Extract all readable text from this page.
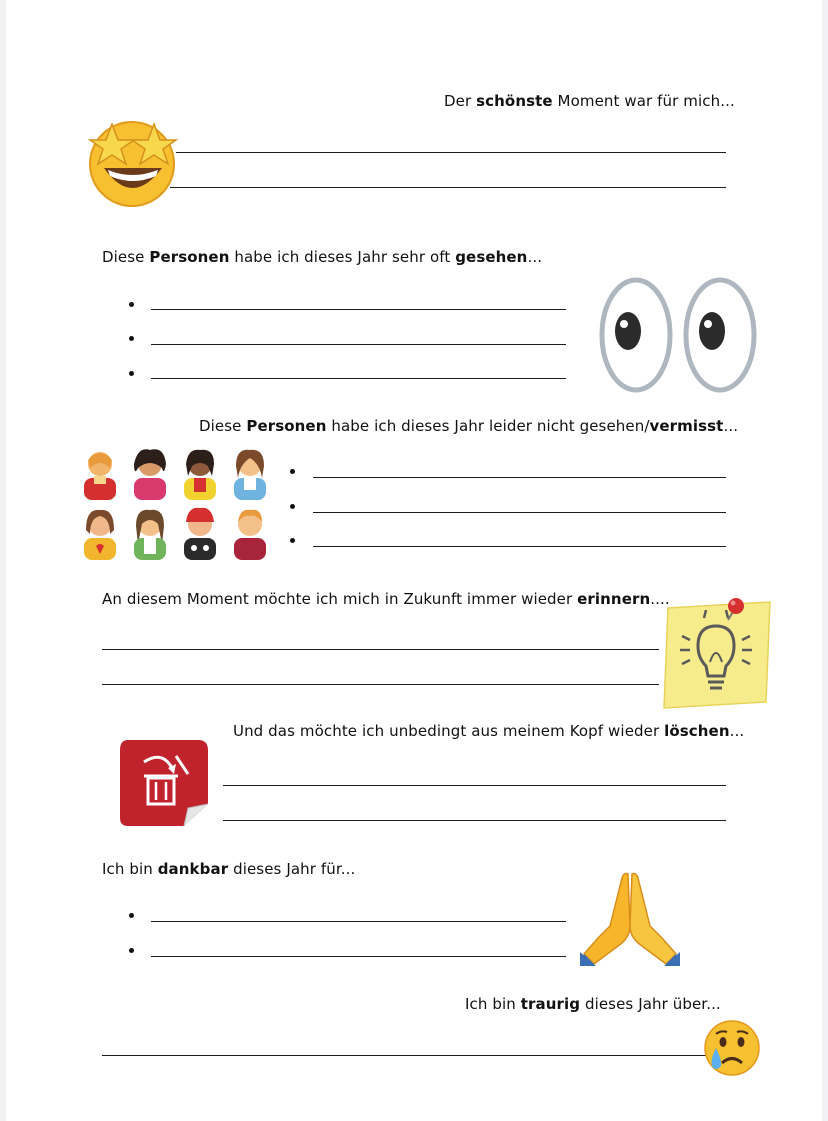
Der schönste Moment war für mich...
Diese Personen habe ich dieses Jahr sehr oft gesehen...
Diese Personen habe ich dieses Jahr leider nicht gesehen/vermisst...
An diesem Moment möchte ich mich in Zukunft immer wieder erinnern....
Und das möchte ich unbedingt aus meinem Kopf wieder löschen...
Ich bin dankbar dieses Jahr für...
Ich bin traurig dieses Jahr über...
